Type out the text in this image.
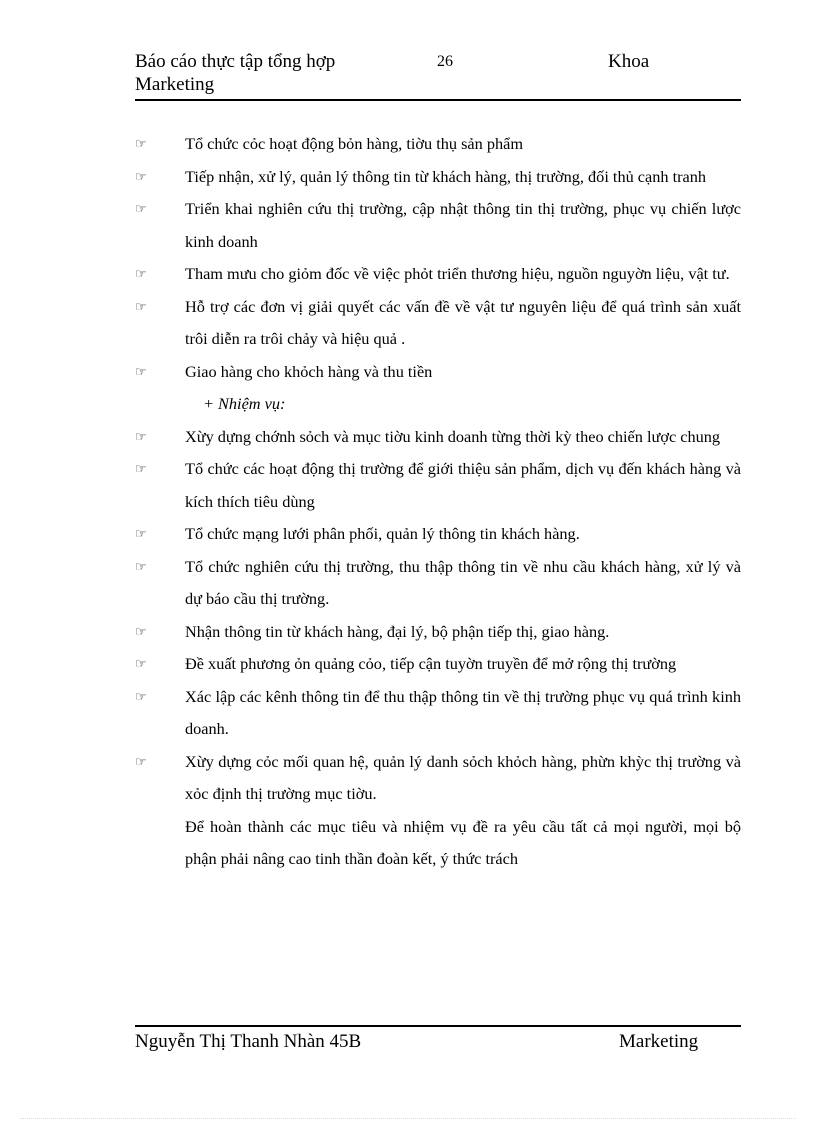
Báo cáo thực tập tổng hợp Marketing
26	Khoa
☞	Tổ chức cỏc hoạt động bỏn hàng, tiờu thụ sản phẩm
☞	Tiếp nhận, xử lý, quản lý thông tin từ khách hàng, thị trường, đối thủ cạnh tranh
☞	Triển khai nghiên cứu thị trường, cập nhật thông tin thị trường, phục vụ chiến lược kinh doanh
☞	Tham mưu cho giỏm đốc về việc phỏt triển thương hiệu, nguồn nguyờn liệu, vật tư.
☞	Hỗ trợ các đơn vị giải quyết các vấn đề về vật tư nguyên liệu để quá trình sản xuất trôi diễn ra trôi chảy và hiệu quả .
☞	Giao hàng cho khỏch hàng và thu tiền
+ Nhiệm vụ:
☞	Xừy dựng chớnh sỏch và mục tiờu kinh doanh từng thời kỳ theo chiến lược chung
☞	Tổ chức các hoạt động thị trường để giới thiệu sản phẩm, dịch vụ đến khách hàng và kích thích tiêu dùng
☞	Tổ chức mạng lưới phân phối, quản lý thông tin khách hàng.
☞	Tổ chức nghiên cứu thị trường, thu thập thông tin về nhu cầu khách hàng, xử lý và dự báo cầu thị trường.
☞	Nhận thông tin từ khách hàng, đại lý, bộ phận tiếp thị, giao hàng.
☞	Đề xuất phương ỏn quảng cỏo, tiếp cận tuyờn truyền để mở rộng thị trường
☞	Xác lập các kênh thông tin để thu thập thông tin về thị trường phục vụ quá trình kinh doanh.
☞	Xừy dựng cỏc mối quan hệ, quản lý danh sỏch khỏch hàng, phừn khỳc thị trường và xỏc định thị trường mục tiờu.
Để hoàn thành các mục tiêu và nhiệm vụ đề ra yêu cầu tất cả mọi người, mọi bộ phận phải nâng cao tinh thần đoàn kết, ý thức trách
Nguyễn Thị Thanh Nhàn 45B	Marketing
